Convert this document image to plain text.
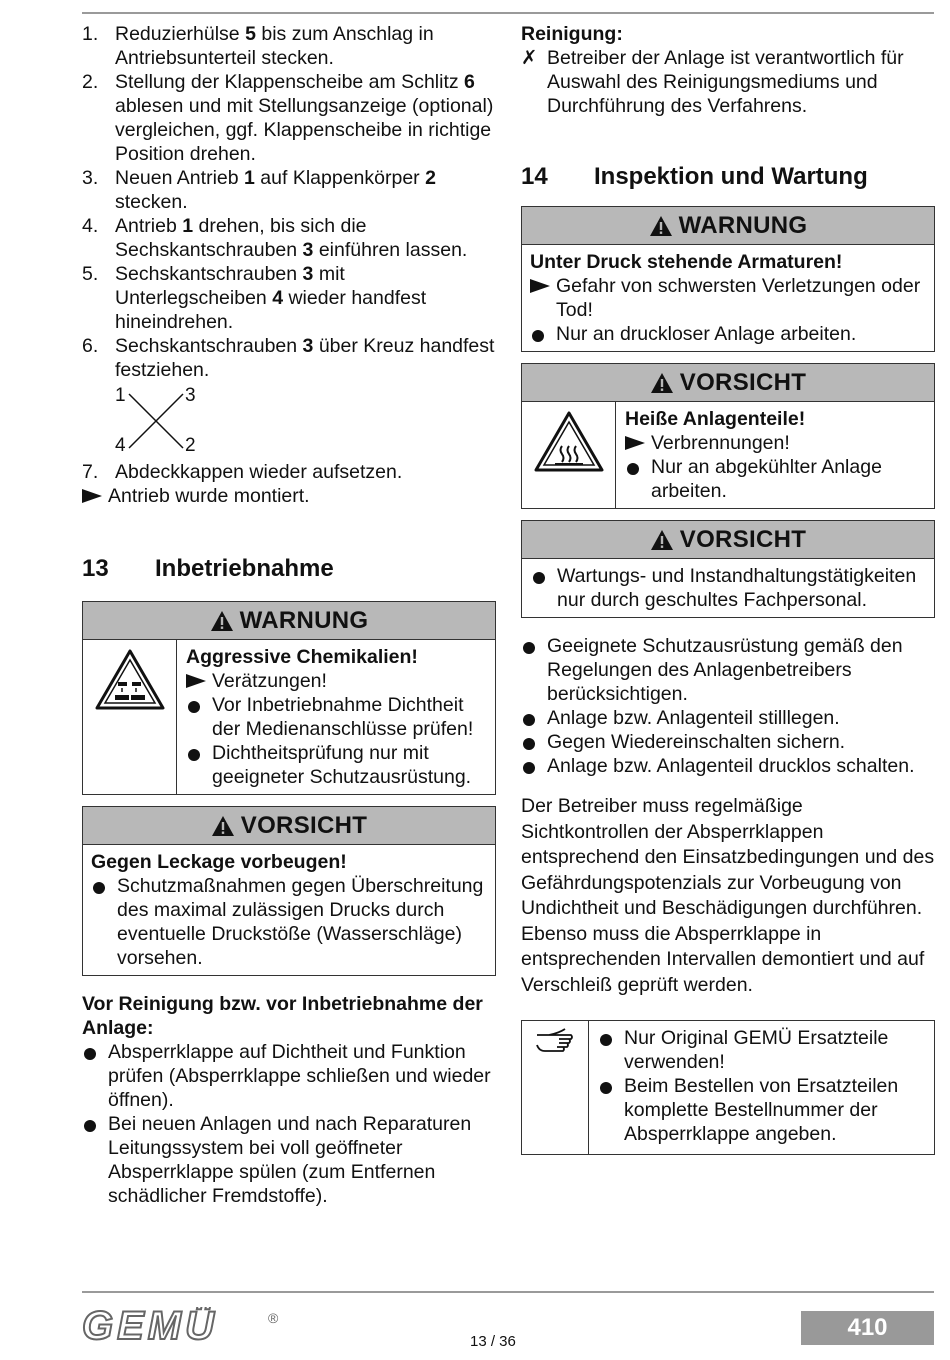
1. Reduzierhülse 5 bis zum Anschlag in Antriebsunterteil stecken.
2. Stellung der Klappenscheibe am Schlitz 6 ablesen und mit Stellungsanzeige (optional) vergleichen, ggf. Klappenscheibe in richtige Position drehen.
3. Neuen Antrieb 1 auf Klappenkörper 2 stecken.
4. Antrieb 1 drehen, bis sich die Sechskantschrauben 3 einführen lassen.
5. Sechskantschrauben 3 mit Unterlegscheiben 4 wieder handfest hineindrehen.
6. Sechskantschrauben 3 über Kreuz handfest festziehen.
1	3
4	2
7. Abdeckkappen wieder aufsetzen.
Antrieb wurde montiert.
13	Inbetriebnahme
WARNUNG
Aggressive Chemikalien!
Verätzungen!
Vor Inbetriebnahme Dichtheit der Medienanschlüsse prüfen!
Dichtheitsprüfung nur mit geeigneter Schutzausrüstung.
VORSICHT
Gegen Leckage vorbeugen!
Schutzmaßnahmen gegen Überschreitung des maximal zulässigen Drucks durch eventuelle Druckstöße (Wasserschläge) vorsehen.
Vor Reinigung bzw. vor Inbetriebnahme der Anlage:
Absperrklappe auf Dichtheit und Funktion prüfen (Absperrklappe schließen und wieder öffnen).
Bei neuen Anlagen und nach Reparaturen Leitungssystem bei voll geöffneter Absperrklappe spülen (zum Entfernen schädlicher Fremdstoffe).
Reinigung:
✗ Betreiber der Anlage ist verantwortlich für Auswahl des Reinigungsmediums und Durchführung des Verfahrens.
14	Inspektion und Wartung
WARNUNG
Unter Druck stehende Armaturen!
Gefahr von schwersten Verletzungen oder Tod!
Nur an druckloser Anlage arbeiten.
VORSICHT
Heiße Anlagenteile!
Verbrennungen!
Nur an abgekühlter Anlage arbeiten.
VORSICHT
Wartungs- und Instandhaltungstätigkeiten nur durch geschultes Fachpersonal.
Geeignete Schutzausrüstung gemäß den Regelungen des Anlagenbetreibers berücksichtigen.
Anlage bzw. Anlagenteil stilllegen.
Gegen Wiedereinschalten sichern.
Anlage bzw. Anlagenteil drucklos schalten.

Der Betreiber muss regelmäßige Sichtkontrollen der Absperrklappen entsprechend den Einsatzbedingungen und des Gefährdungspotenzials zur Vorbeugung von Undichtheit und Beschädigungen durchführen. Ebenso muss die Absperrklappe in entsprechenden Intervallen demontiert und auf Verschleiß geprüft werden.

Nur Original GEMÜ Ersatzteile verwenden!
Beim Bestellen von Ersatzteilen komplette Bestellnummer der Absperrklappe angeben.
GEMÜ	®
13 / 36
410
